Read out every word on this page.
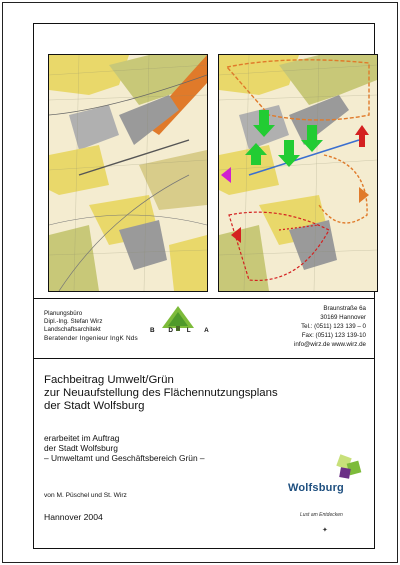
Planungsbüro
Dipl.-Ing. Stefan Wirz
Landschaftsarchitekt
Beratender Ingenieur IngK Nds
B D L A
Braunstraße 6a
30169 Hannover
Tel.: (0511) 123 139 – 0
Fax: (0511) 123 139-10
info@wirz.de www.wirz.de
Fachbeitrag Umwelt/Grün
zur Neuaufstellung des Flächennutzungsplans
der Stadt Wolfsburg
erarbeitet im Auftrag
der Stadt Wolfsburg
– Umweltamt und Geschäftsbereich Grün –
von M. Püschel und St. Wirz
Hannover 2004
Wolfsburg
Lust am Entdecken
✦
